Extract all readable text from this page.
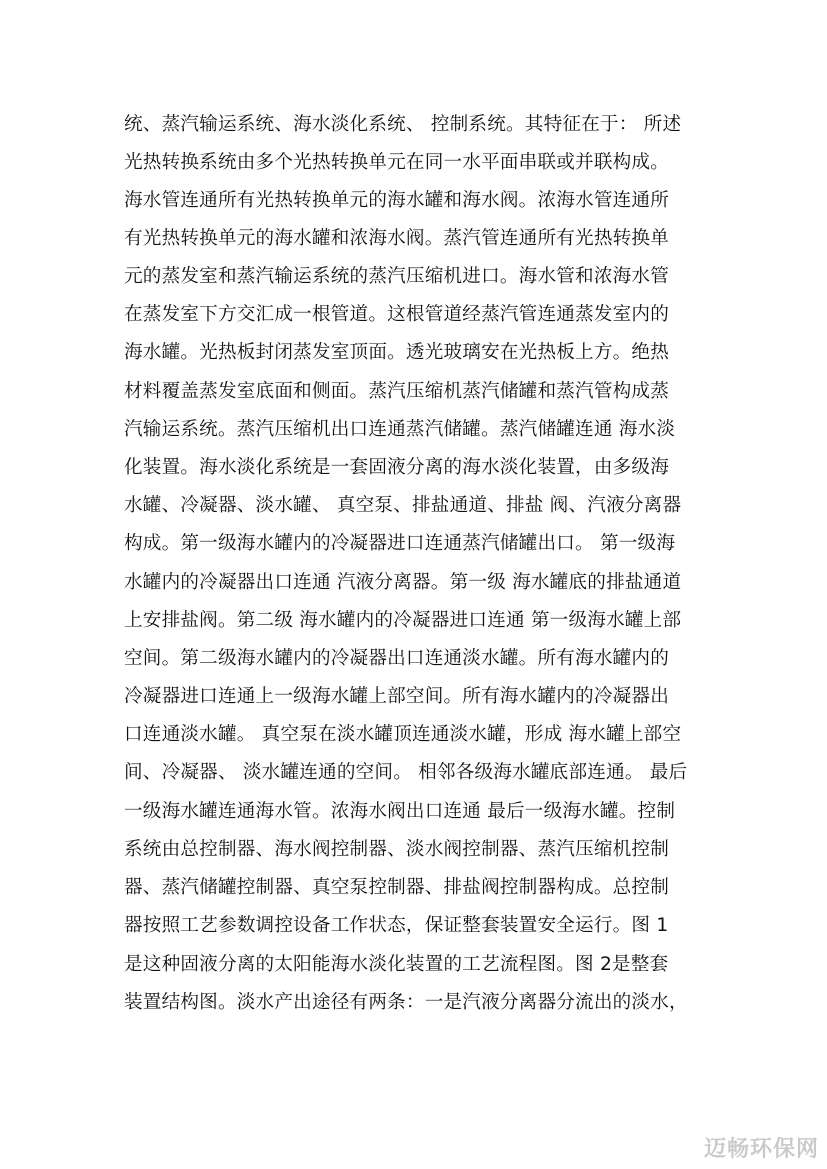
统、蒸汽输运系统、海水淡化系统、 控制系统。其特征在于： 所述
光热转换系统由多个光热转换单元在同一水平面串联或并联构成。
海水管连通所有光热转换单元的海水罐和海水阀。浓海水管连通所
有光热转换单元的海水罐和浓海水阀。蒸汽管连通所有光热转换单
元的蒸发室和蒸汽输运系统的蒸汽压缩机进口。海水管和浓海水管
在蒸发室下方交汇成一根管道。这根管道经蒸汽管连通蒸发室内的
海水罐。光热板封闭蒸发室顶面。透光玻璃安在光热板上方。绝热
材料覆盖蒸发室底面和侧面。蒸汽压缩机蒸汽储罐和蒸汽管构成蒸
汽输运系统。蒸汽压缩机出口连通蒸汽储罐。蒸汽储罐连通 海水淡
化装置。海水淡化系统是一套固液分离的海水淡化装置，由多级海
水罐、冷凝器、淡水罐、 真空泵、排盐通道、排盐 阀、汽液分离器
构成。第一级海水罐内的冷凝器进口连通蒸汽储罐出口。 第一级海
水罐内的冷凝器出口连通 汽液分离器。第一级 海水罐底的排盐通道
上安排盐阀。第二级 海水罐内的冷凝器进口连通 第一级海水罐上部
空间。第二级海水罐内的冷凝器出口连通淡水罐。所有海水罐内的
冷凝器进口连通上一级海水罐上部空间。所有海水罐内的冷凝器出
口连通淡水罐。 真空泵在淡水罐顶连通淡水罐，形成 海水罐上部空
间、冷凝器、 淡水罐连通的空间。 相邻各级海水罐底部连通。 最后
一级海水罐连通海水管。浓海水阀出口连通 最后一级海水罐。控制
系统由总控制器、海水阀控制器、淡水阀控制器、蒸汽压缩机控制
器、蒸汽储罐控制器、真空泵控制器、排盐阀控制器构成。总控制
器按照工艺参数调控设备工作状态，保证整套装置安全运行。图 1
是这种固液分离的太阳能海水淡化装置的工艺流程图。图 2是整套
装置结构图。淡水产出途径有两条：一是汽液分离器分流出的淡水，
迈畅环保网
